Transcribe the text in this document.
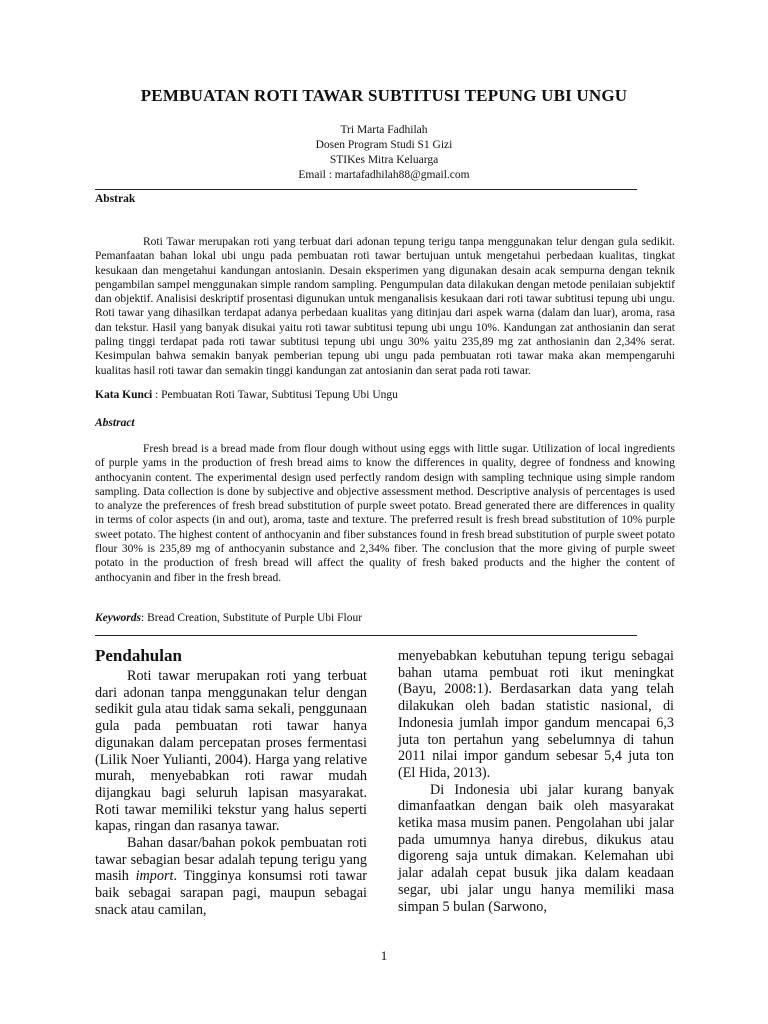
PEMBUATAN ROTI TAWAR SUBTITUSI TEPUNG UBI UNGU
Tri Marta Fadhilah
Dosen Program Studi S1 Gizi
STIKes Mitra Keluarga
Email : martafadhilah88@gmail.com
Abstrak
Roti Tawar merupakan roti yang terbuat dari adonan tepung terigu tanpa menggunakan telur dengan gula sedikit. Pemanfaatan bahan lokal ubi ungu pada pembuatan roti tawar bertujuan untuk mengetahui perbedaan kualitas, tingkat kesukaan dan mengetahui kandungan antosianin. Desain eksperimen yang digunakan desain acak sempurna dengan teknik pengambilan sampel menggunakan simple random sampling. Pengumpulan data dilakukan dengan metode penilaian subjektif dan objektif. Analisisi deskriptif prosentasi digunukan untuk menganalisis kesukaan dari roti tawar subtitusi tepung ubi ungu. Roti tawar yang dihasilkan terdapat adanya perbedaan kualitas yang ditinjau dari aspek warna (dalam dan luar), aroma, rasa dan tekstur. Hasil yang banyak disukai yaitu roti tawar subtitusi tepung ubi ungu 10%. Kandungan zat anthosianin dan serat paling tinggi terdapat pada roti tawar subtitusi tepung ubi ungu 30% yaitu 235,89 mg zat anthosianin dan 2,34% serat. Kesimpulan bahwa semakin banyak pemberian tepung ubi ungu pada pembuatan roti tawar maka akan mempengaruhi kualitas hasil roti tawar dan semakin tinggi kandungan zat antosianin dan serat pada roti tawar.
Kata Kunci : Pembuatan Roti Tawar, Subtitusi Tepung Ubi Ungu
Abstract
Fresh bread is a bread made from flour dough without using eggs with little sugar. Utilization of local ingredients of purple yams in the production of fresh bread aims to know the differences in quality, degree of fondness and knowing anthocyanin content. The experimental design used perfectly random design with sampling technique using simple random sampling. Data collection is done by subjective and objective assessment method. Descriptive analysis of percentages is used to analyze the preferences of fresh bread substitution of purple sweet potato. Bread generated there are differences in quality in terms of color aspects (in and out), aroma, taste and texture. The preferred result is fresh bread substitution of 10% purple sweet potato. The highest content of anthocyanin and fiber substances found in fresh bread substitution of purple sweet potato flour 30% is 235,89 mg of anthocyanin substance and 2,34% fiber. The conclusion that the more giving of purple sweet potato in the production of fresh bread will affect the quality of fresh baked products and the higher the content of anthocyanin and fiber in the fresh bread.
Keywords: Bread Creation, Substitute of Purple Ubi Flour
Pendahulan

Roti tawar merupakan roti yang terbuat dari adonan tanpa menggunakan telur dengan sedikit gula atau tidak sama sekali, penggunaan gula pada pembuatan roti tawar hanya digunakan dalam percepatan proses fermentasi (Lilik Noer Yulianti, 2004). Harga yang relative murah, menyebabkan roti rawar mudah dijangkau bagi seluruh lapisan masyarakat. Roti tawar memiliki tekstur yang halus seperti kapas, ringan dan rasanya tawar.

Bahan dasar/bahan pokok pembuatan roti tawar sebagian besar adalah tepung terigu yang masih import. Tingginya konsumsi roti tawar baik sebagai sarapan pagi, maupun sebagai snack atau camilan,

menyebabkan kebutuhan tepung terigu sebagai bahan utama pembuat roti ikut meningkat (Bayu, 2008:1). Berdasarkan data yang telah dilakukan oleh badan statistic nasional, di Indonesia jumlah impor gandum mencapai 6,3 juta ton pertahun yang sebelumnya di tahun 2011 nilai impor gandum sebesar 5,4 juta ton (El Hida, 2013).

Di Indonesia ubi jalar kurang banyak dimanfaatkan dengan baik oleh masyarakat ketika masa musim panen. Pengolahan ubi jalar pada umumnya hanya direbus, dikukus atau digoreng saja untuk dimakan. Kelemahan ubi jalar adalah cepat busuk jika dalam keadaan segar, ubi jalar ungu hanya memiliki masa simpan 5 bulan (Sarwono,

1
